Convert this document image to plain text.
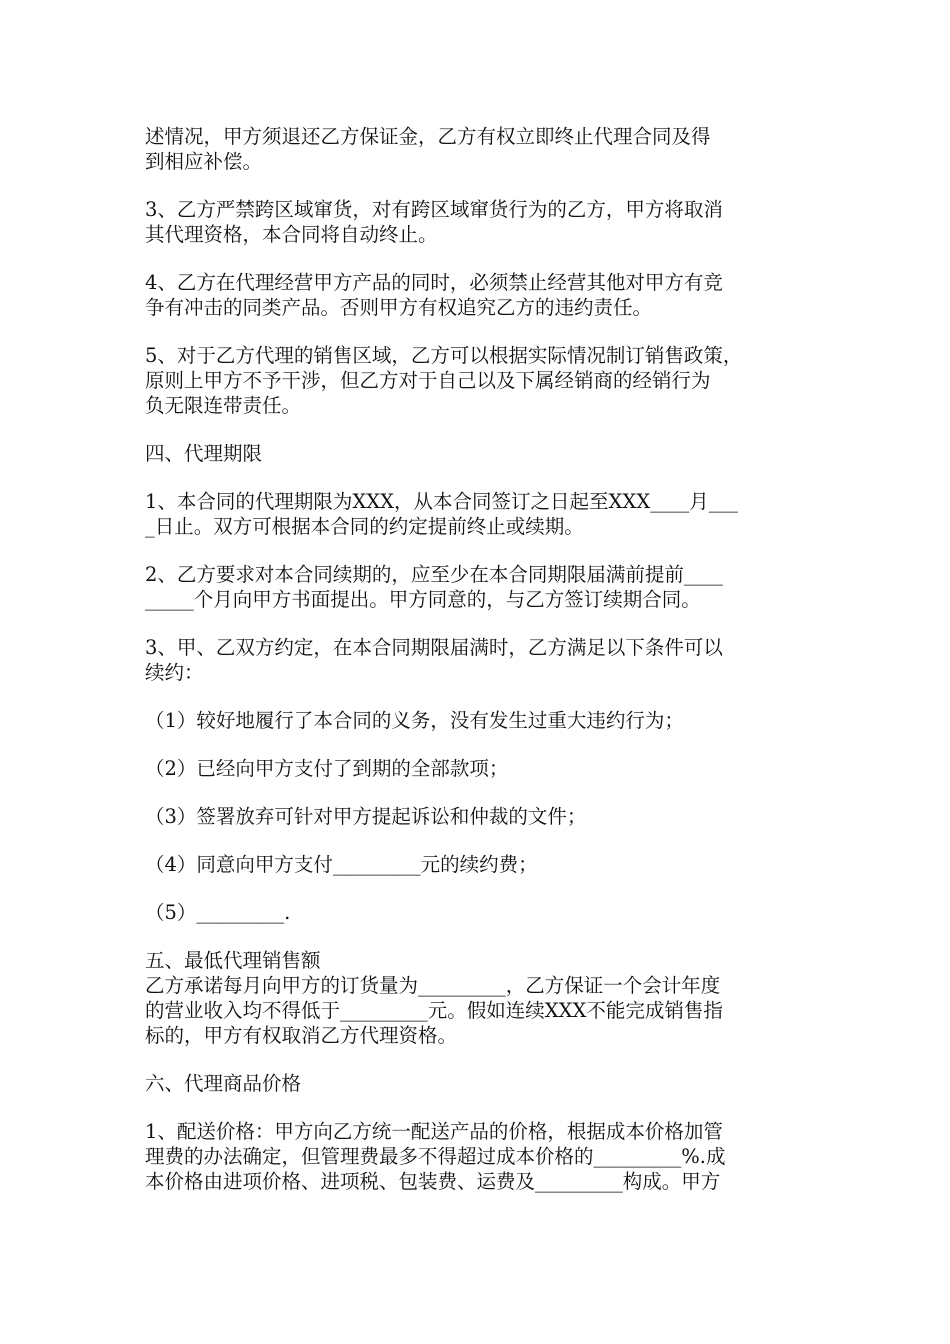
述情况，甲方须退还乙方保证金，乙方有权立即终止代理合同及得
到相应补偿。
3、乙方严禁跨区域窜货，对有跨区域窜货行为的乙方，甲方将取消
其代理资格，本合同将自动终止。
4、乙方在代理经营甲方产品的同时，必须禁止经营其他对甲方有竞
争有冲击的同类产品。否则甲方有权追究乙方的违约责任。
5、对于乙方代理的销售区域，乙方可以根据实际情况制订销售政策，
原则上甲方不予干涉，但乙方对于自己以及下属经销商的经销行为
负无限连带责任。
四、代理期限
1、本合同的代理期限为XXX，从本合同签订之日起至XXX____月___
_日止。双方可根据本合同的约定提前终止或续期。
2、乙方要求对本合同续期的，应至少在本合同期限届满前提前____
_____个月向甲方书面提出。甲方同意的，与乙方签订续期合同。
3、甲、乙双方约定，在本合同期限届满时，乙方满足以下条件可以
续约：
（1）较好地履行了本合同的义务，没有发生过重大违约行为；
（2）已经向甲方支付了到期的全部款项；
（3）签署放弃可针对甲方提起诉讼和仲裁的文件；
（4）同意向甲方支付_________元的续约费；
（5）_________.
五、最低代理销售额
乙方承诺每月向甲方的订货量为_________，乙方保证一个会计年度
的营业收入均不得低于_________元。假如连续XXX不能完成销售指
标的，甲方有权取消乙方代理资格。
六、代理商品价格
1、配送价格：甲方向乙方统一配送产品的价格，根据成本价格加管
理费的办法确定，但管理费最多不得超过成本价格的_________%.成
本价格由进项价格、进项税、包装费、运费及_________构成。甲方
